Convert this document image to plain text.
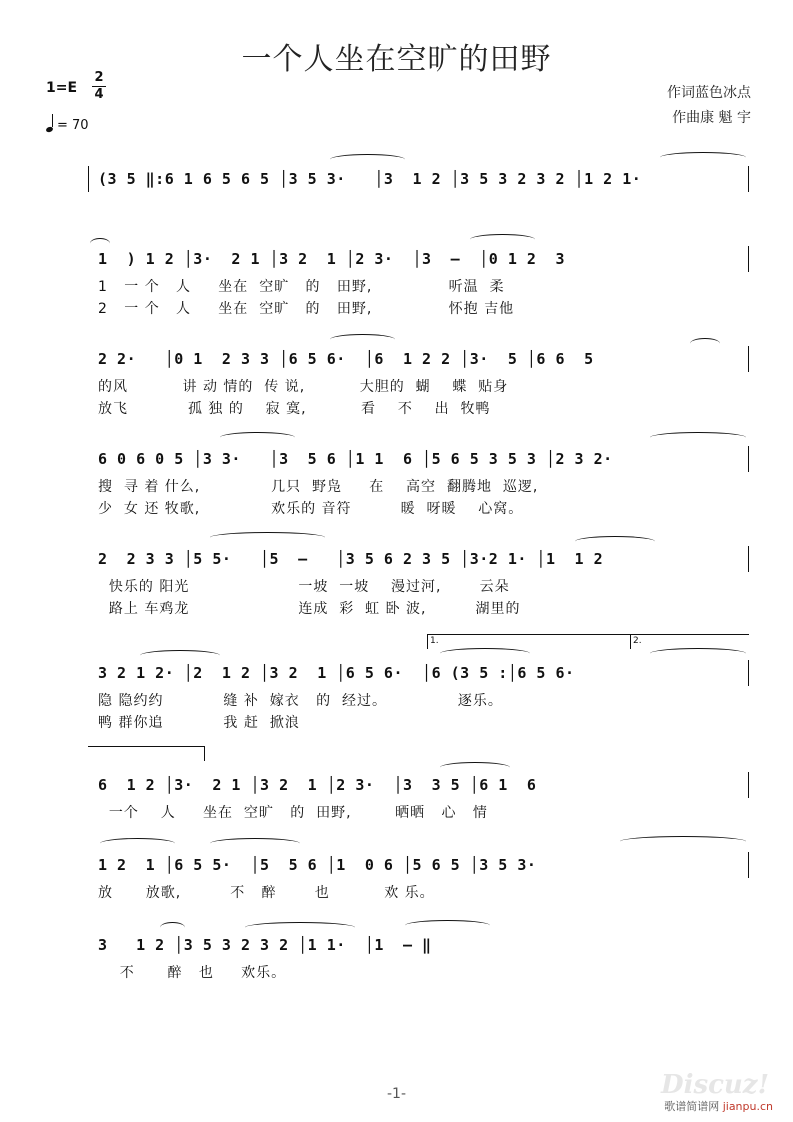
一个人坐在空旷的田野
1=E
2
4
= 70
作词蓝色冰点
作曲康 魁 宇
(3 5 ‖:6 1 6 5 6 5 │3 5 3·   │3  1 2 │3 5 3 2 3 2 │1 2 1·
1  ) 1 2 │3·  2 1 │3 2  1 │2 3·  │3  –  │0 1 2  3
1   一 个   人     坐在  空旷   的   田野,              听温  柔
2   一 个   人     坐在  空旷   的   田野,              怀抱 吉他
2 2·   │0 1  2 3 3 │6 5 6·  │6  1 2 2 │3·  5 │6 6  5
的风          讲 动 情的  传 说,          大胆的  蝴    蝶  贴身
放飞           孤 独 的    寂 寞,          看    不    出  牧鸭
6 0 6 0 5 │3 3·   │3  5 6 │1 1  6 │5 6 5 3 5 3 │2 3 2·
搜  寻 着 什么,             几只  野凫     在    高空  翻腾地  巡逻,
少  女 还 牧歌,             欢乐的 音符         暖  呀暖    心窝。
2  2 3 3 │5 5·   │5  –   │3 5 6 2 3 5 │3·2 1· │1  1 2
快乐的 阳光                    一坡  一坡    漫过河,       云朵
路上 车鸡龙                    连成  彩  虹 卧 波,         湖里的
1.	2.
3 2 1 2· │2  1 2 │3 2  1 │6 5 6·  │6 (3 5 :│6 5 6·
隐 隐约约           缝 补  嫁衣   的  经过。             逐乐。
鸭 群你追           我 赶  掀浪
6  1 2 │3·  2 1 │3 2  1 │2 3·  │3  3 5 │6 1  6
一个    人     坐在  空旷   的  田野,        晒晒   心   情
1 2  1 │6 5 5·  │5  5 6 │1  0 6 │5 6 5 │3 5 3·
放      放歌,         不   醉       也          欢 乐。
3   1 2 │3 5 3 2 3 2 │1 1·  │1  – ‖
不      醉   也     欢乐。
-1-	Discuz!
歌谱简谱网 jianpu.cn
